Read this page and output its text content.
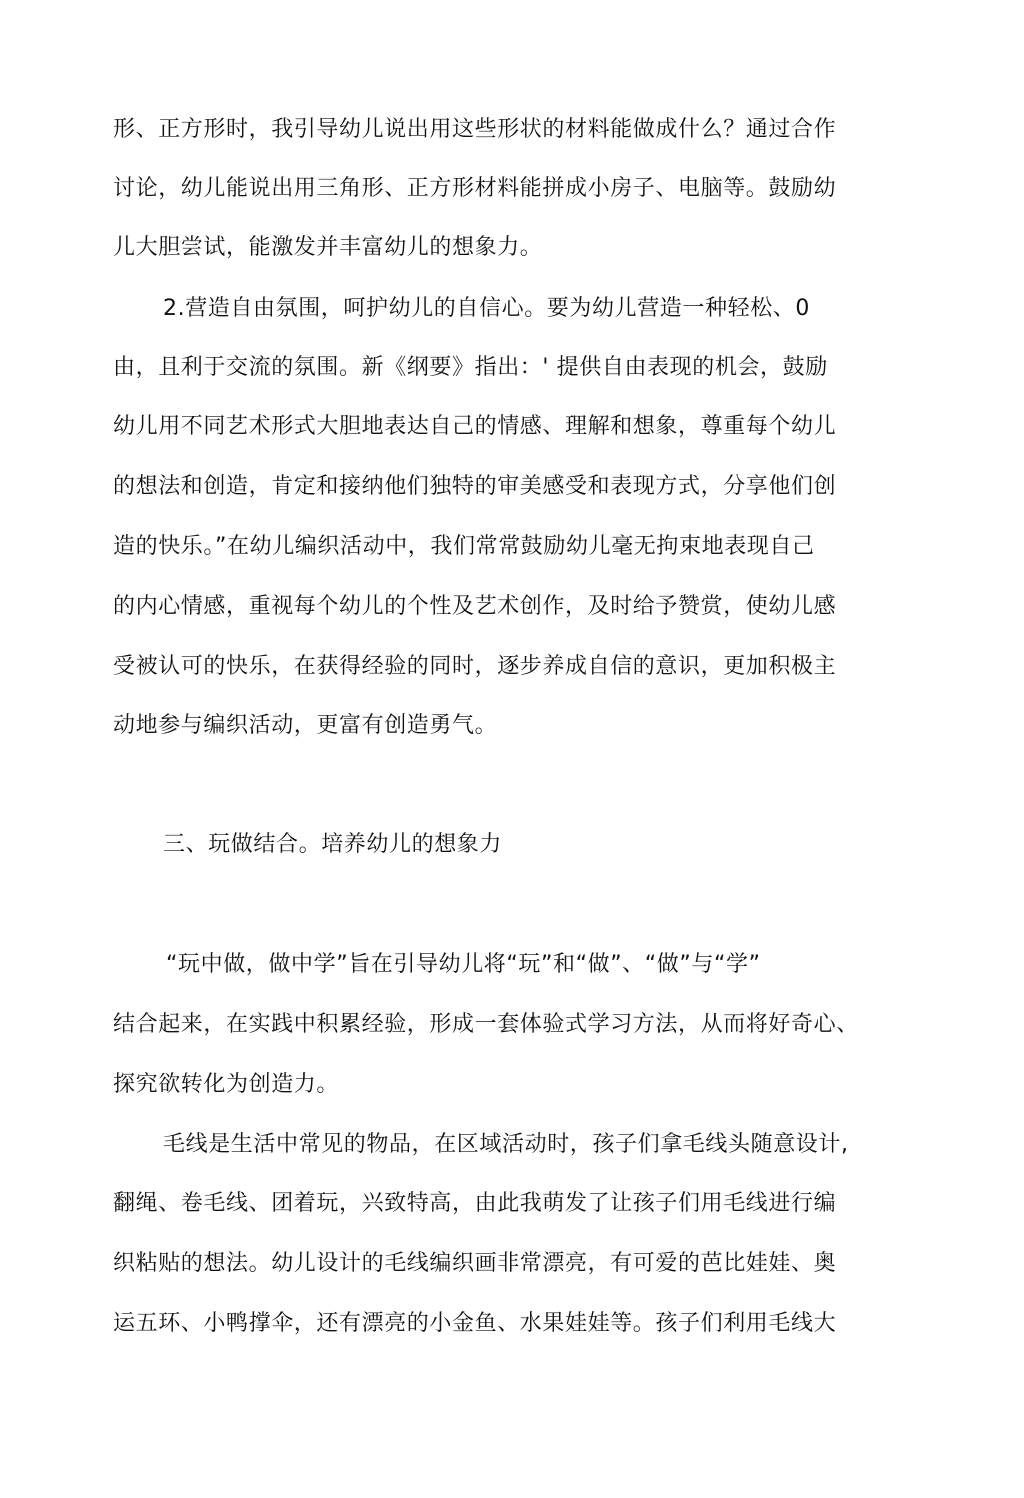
形、正方形时，我引导幼儿说出用这些形状的材料能做成什么？通过合作
讨论，幼儿能说出用三角形、正方形材料能拼成小房子、电脑等。鼓励幼
儿大胆尝试，能激发并丰富幼儿的想象力。
2.营造自由氛围，呵护幼儿的自信心。要为幼儿营造一种轻松、0
由，且利于交流的氛围。新《纲要》指出：' 提供自由表现的机会，鼓励
幼儿用不同艺术形式大胆地表达自己的情感、理解和想象，尊重每个幼儿
的想法和创造，肯定和接纳他们独特的审美感受和表现方式，分享他们创
造的快乐。”在幼儿编织活动中，我们常常鼓励幼儿毫无拘束地表现自己
的内心情感，重视每个幼儿的个性及艺术创作，及时给予赞赏，使幼儿感
受被认可的快乐，在获得经验的同时，逐步养成自信的意识，更加积极主
动地参与编织活动，更富有创造勇气。
三、玩做结合。培养幼儿的想象力
“玩中做，做中学”旨在引导幼儿将“玩”和“做”、“做”与“学”
结合起来，在实践中积累经验，形成一套体验式学习方法，从而将好奇心、
探究欲转化为创造力。
毛线是生活中常见的物品，在区域活动时，孩子们拿毛线头随意设计,
翻绳、卷毛线、团着玩，兴致特高，由此我萌发了让孩子们用毛线进行编
织粘贴的想法。幼儿设计的毛线编织画非常漂亮，有可爱的芭比娃娃、奥
运五环、小鸭撑伞，还有漂亮的小金鱼、水果娃娃等。孩子们利用毛线大
